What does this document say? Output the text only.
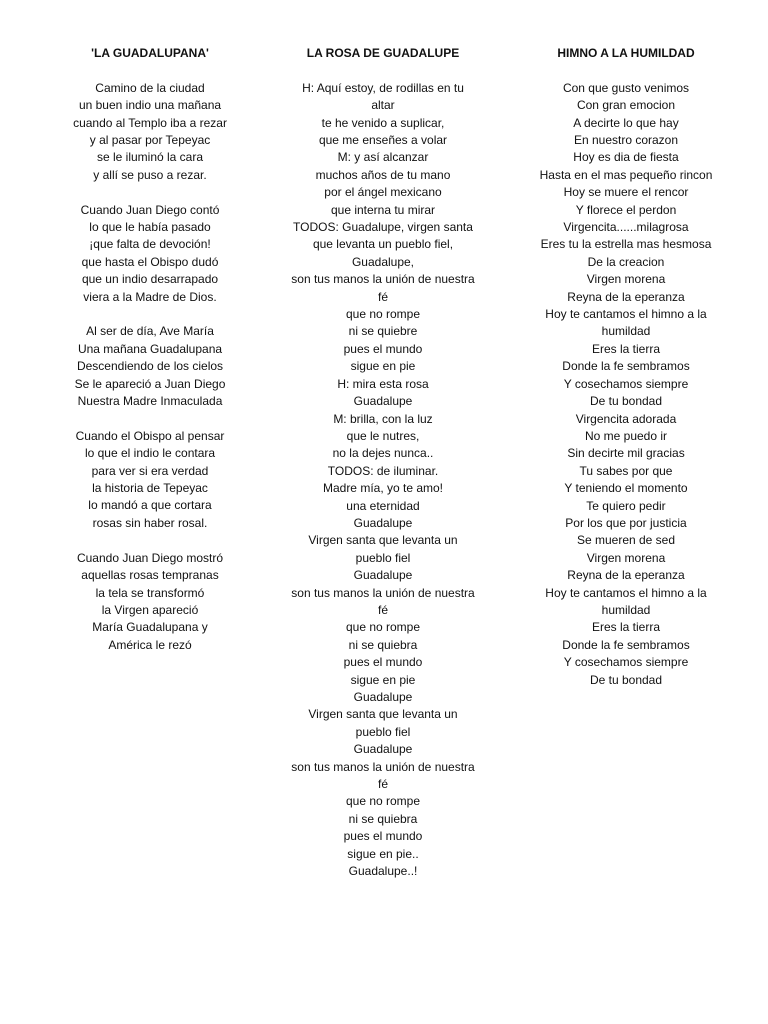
'LA GUADALUPANA'
Camino de la ciudad
un buen indio una mañana
cuando al Templo iba a rezar
y al pasar por Tepeyac
se le iluminó la cara
y allí se puso a rezar.
Cuando Juan Diego contó
lo que le había pasado
¡que falta de devoción!
que hasta el Obispo dudó
que un indio desarrapado
viera a la Madre de Dios.
Al ser de día, Ave María
Una mañana Guadalupana
Descendiendo de los cielos
Se le apareció a Juan Diego
Nuestra Madre Inmaculada
Cuando el Obispo al pensar
lo que el indio le contara
para ver si era verdad
la historia de Tepeyac
lo mandó a que cortara
rosas sin haber rosal.
Cuando Juan Diego mostró
aquellas rosas tempranas
la tela se transformó
la Virgen apareció
María Guadalupana y
América le rezó
LA ROSA DE GUADALUPE
H: Aquí estoy, de rodillas en tu
altar
te he venido a suplicar,
que me enseñes a volar
M: y así alcanzar
muchos años de tu mano
por el ángel mexicano
que interna tu mirar
TODOS: Guadalupe, virgen santa
que levanta un pueblo fiel,
Guadalupe,
son tus manos la unión de nuestra
fé
que no rompe
ni se quiebre
pues el mundo
sigue en pie
H: mira esta rosa
Guadalupe
M: brilla, con la luz
que le nutres,
no la dejes nunca..
TODOS: de iluminar.
Madre mía, yo te amo!
una eternidad
Guadalupe
Virgen santa que levanta un
pueblo fiel
Guadalupe
son tus manos la unión de nuestra
fé
que no rompe
ni se quiebra
pues el mundo
sigue en pie
Guadalupe
Virgen santa que levanta un
pueblo fiel
Guadalupe
son tus manos la unión de nuestra
fé
que no rompe
ni se quiebra
pues el mundo
sigue en pie..
Guadalupe..!
HIMNO A LA HUMILDAD
Con que gusto venimos
Con gran emocion
A decirte lo que hay
En nuestro corazon
Hoy es dia de fiesta
Hasta en el mas pequeño rincon
Hoy se muere el rencor
Y florece el perdon
Virgencita......milagrosa
Eres tu la estrella mas hesmosa
De la creacion
Virgen morena
Reyna de la eperanza
Hoy te cantamos el himno a la
humildad
Eres la tierra
Donde la fe sembramos
Y cosechamos siempre
De tu bondad
Virgencita adorada
No me puedo ir
Sin decirte mil gracias
Tu sabes por que
Y teniendo el momento
Te quiero pedir
Por los que por justicia
Se mueren de sed
Virgen morena
Reyna de la eperanza
Hoy te cantamos el himno a la
humildad
Eres la tierra
Donde la fe sembramos
Y cosechamos siempre
De tu bondad
